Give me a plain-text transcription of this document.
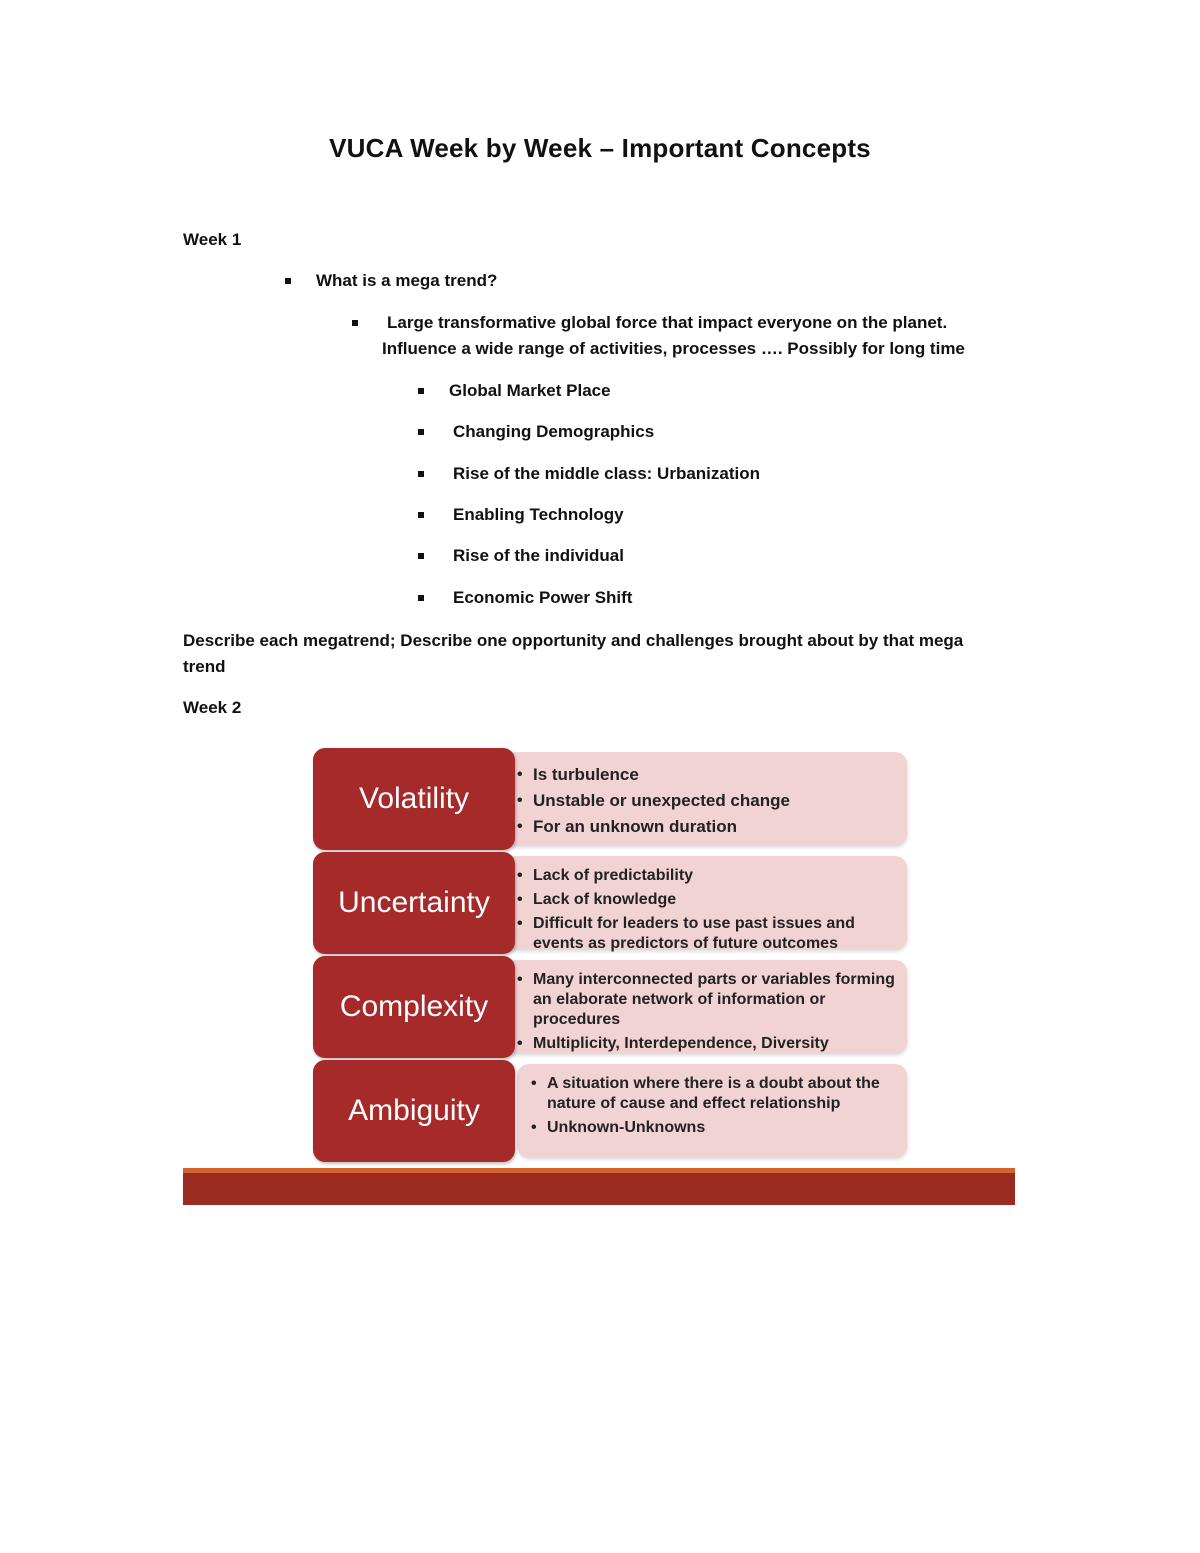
VUCA Week by Week – Important Concepts
Week 1
What is a mega trend?
Large transformative global force that impact everyone on the planet.
Influence a wide range of activities, processes …. Possibly for long time
Global Market Place
Changing Demographics
Rise of the middle class: Urbanization
Enabling Technology
Rise of the individual
Economic Power Shift
Describe each megatrend; Describe one opportunity and challenges brought about by that mega trend
Week 2
• Is turbulence
• Unstable or unexpected change
• For an unknown duration
Volatility
• Lack of predictability
• Lack of knowledge
• Difficult for leaders to use past issues and events as predictors of future outcomes
Uncertainty
• Many interconnected parts or variables forming an elaborate network of information or procedures
• Multiplicity, Interdependence, Diversity
Complexity
• A situation where there is a doubt about the nature of cause and effect relationship
• Unknown-Unknowns
Ambiguity
